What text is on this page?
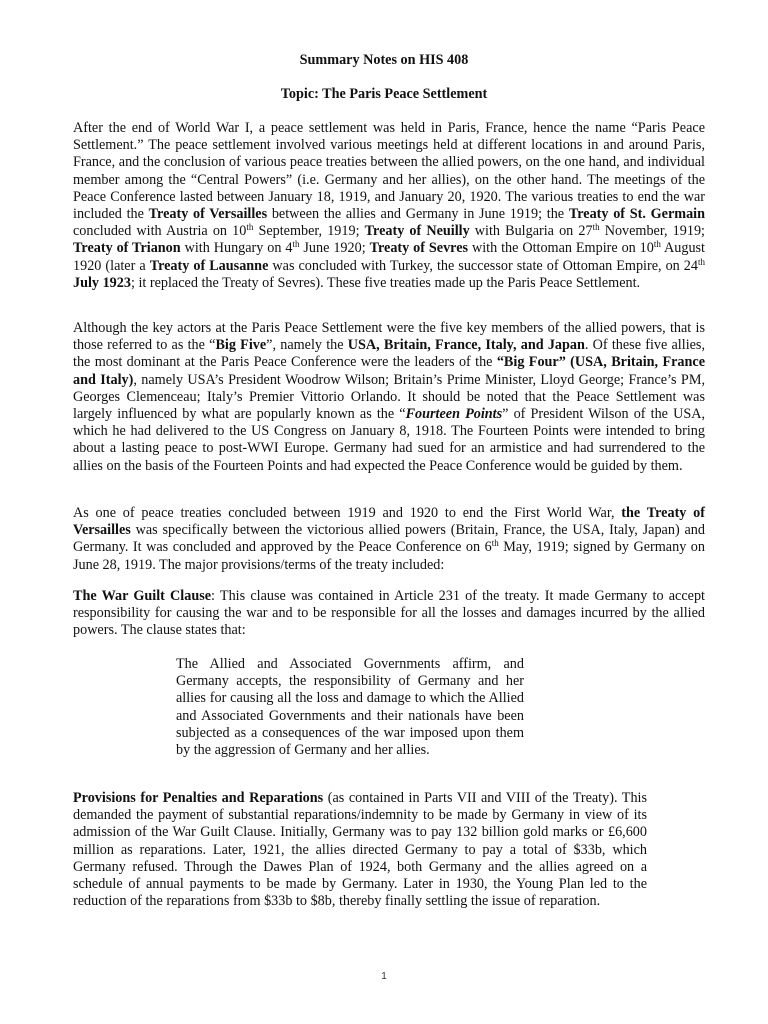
Summary Notes on HIS 408
Topic: The Paris Peace Settlement

After the end of World War I, a peace settlement was held in Paris, France, hence the name “Paris Peace Settlement.” The peace settlement involved various meetings held at different locations in and around Paris, France, and the conclusion of various peace treaties between the allied powers, on the one hand, and individual member among the “Central Powers” (i.e. Germany and her allies), on the other hand. The meetings of the Peace Conference lasted between January 18, 1919, and January 20, 1920. The various treaties to end the war included the Treaty of Versailles between the allies and Germany in June 1919; the Treaty of St. Germain concluded with Austria on 10th September, 1919; Treaty of Neuilly with Bulgaria on 27th November, 1919; Treaty of Trianon with Hungary on 4th June 1920; Treaty of Sevres with the Ottoman Empire on 10th August 1920 (later a Treaty of Lausanne was concluded with Turkey, the successor state of Ottoman Empire, on 24th July 1923; it replaced the Treaty of Sevres). These five treaties made up the Paris Peace Settlement.

Although the key actors at the Paris Peace Settlement were the five key members of the allied powers, that is those referred to as the “Big Five”, namely the USA, Britain, France, Italy, and Japan. Of these five allies, the most dominant at the Paris Peace Conference were the leaders of the “Big Four” (USA, Britain, France and Italy), namely USA’s President Woodrow Wilson; Britain’s Prime Minister, Lloyd George; France’s PM, Georges Clemenceau; Italy’s Premier Vittorio Orlando. It should be noted that the Peace Settlement was largely influenced by what are popularly known as the “Fourteen Points” of President Wilson of the USA, which he had delivered to the US Congress on January 8, 1918. The Fourteen Points were intended to bring about a lasting peace to post-WWI Europe. Germany had sued for an armistice and had surrendered to the allies on the basis of the Fourteen Points and had expected the Peace Conference would be guided by them.

As one of peace treaties concluded between 1919 and 1920 to end the First World War, the Treaty of Versailles was specifically between the victorious allied powers (Britain, France, the USA, Italy, Japan) and Germany. It was concluded and approved by the Peace Conference on 6th May, 1919; signed by Germany on June 28, 1919. The major provisions/terms of the treaty included:

The War Guilt Clause: This clause was contained in Article 231 of the treaty. It made Germany to accept responsibility for causing the war and to be responsible for all the losses and damages incurred by the allied powers. The clause states that:

The Allied and Associated Governments affirm, and Germany accepts, the responsibility of Germany and her allies for causing all the loss and damage to which the Allied and Associated Governments and their nationals have been subjected as a consequences of the war imposed upon them by the aggression of Germany and her allies.

Provisions for Penalties and Reparations (as contained in Parts VII and VIII of the Treaty). This demanded the payment of substantial reparations/indemnity to be made by Germany in view of its admission of the War Guilt Clause. Initially, Germany was to pay 132 billion gold marks or £6,600 million as reparations. Later, 1921, the allies directed Germany to pay a total of $33b, which Germany refused. Through the Dawes Plan of 1924, both Germany and the allies agreed on a schedule of annual payments to be made by Germany. Later in 1930, the Young Plan led to the reduction of the reparations from $33b to $8b, thereby finally settling the issue of reparation.

1
